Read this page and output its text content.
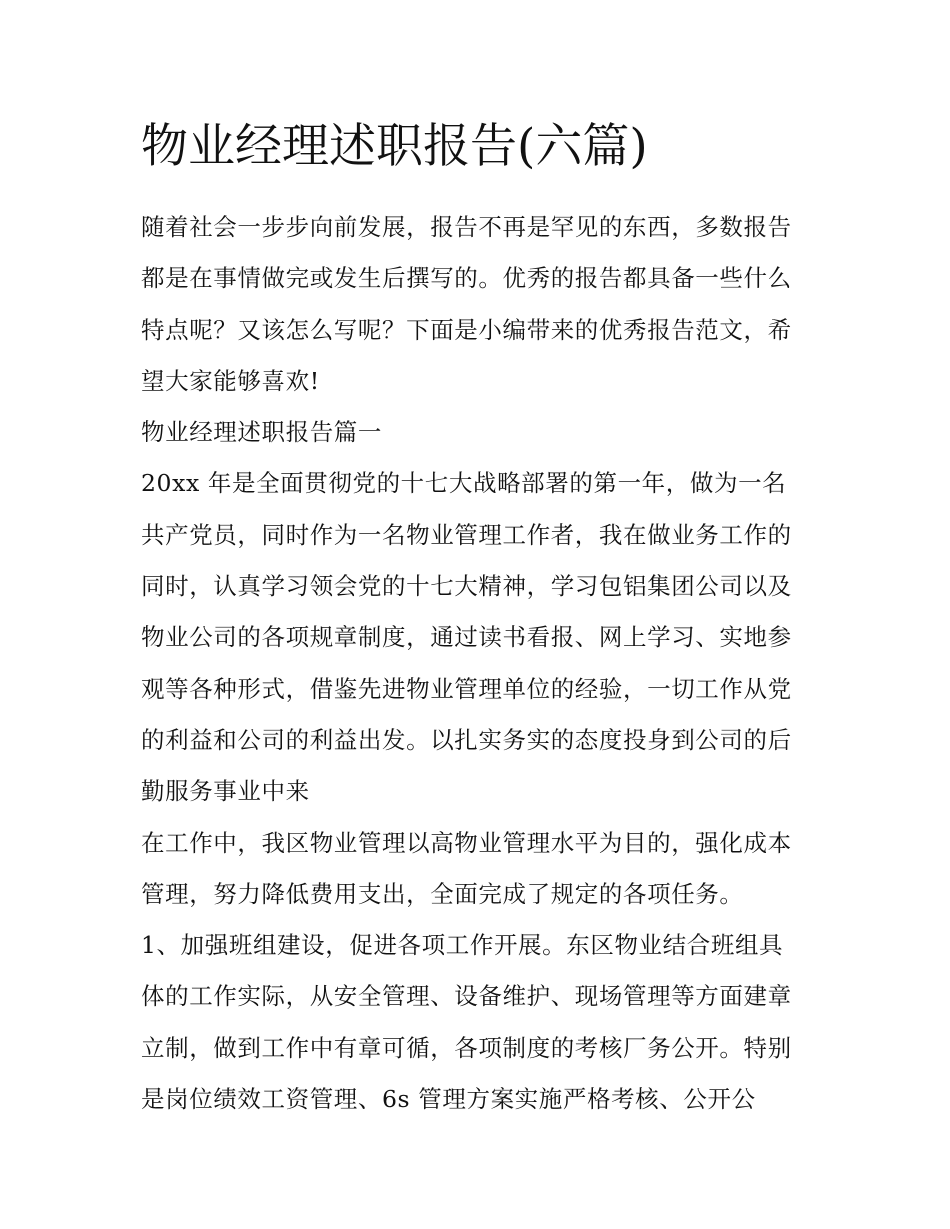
物业经理述职报告(六篇)
随着社会一步步向前发展，报告不再是罕见的东西，多数报告
都是在事情做完或发生后撰写的。优秀的报告都具备一些什么
特点呢？又该怎么写呢？下面是小编带来的优秀报告范文，希
望大家能够喜欢!
物业经理述职报告篇一
20xx 年是全面贯彻党的十七大战略部署的第一年，做为一名
共产党员，同时作为一名物业管理工作者，我在做业务工作的
同时，认真学习领会党的十七大精神，学习包铝集团公司以及
物业公司的各项规章制度，通过读书看报、网上学习、实地参
观等各种形式，借鉴先进物业管理单位的经验，一切工作从党
的利益和公司的利益出发。以扎实务实的态度投身到公司的后
勤服务事业中来
在工作中，我区物业管理以高物业管理水平为目的，强化成本
管理，努力降低费用支出，全面完成了规定的各项任务。
1、加强班组建设，促进各项工作开展。东区物业结合班组具
体的工作实际，从安全管理、设备维护、现场管理等方面建章
立制，做到工作中有章可循，各项制度的考核厂务公开。特别
是岗位绩效工资管理、6s 管理方案实施严格考核、公开公
